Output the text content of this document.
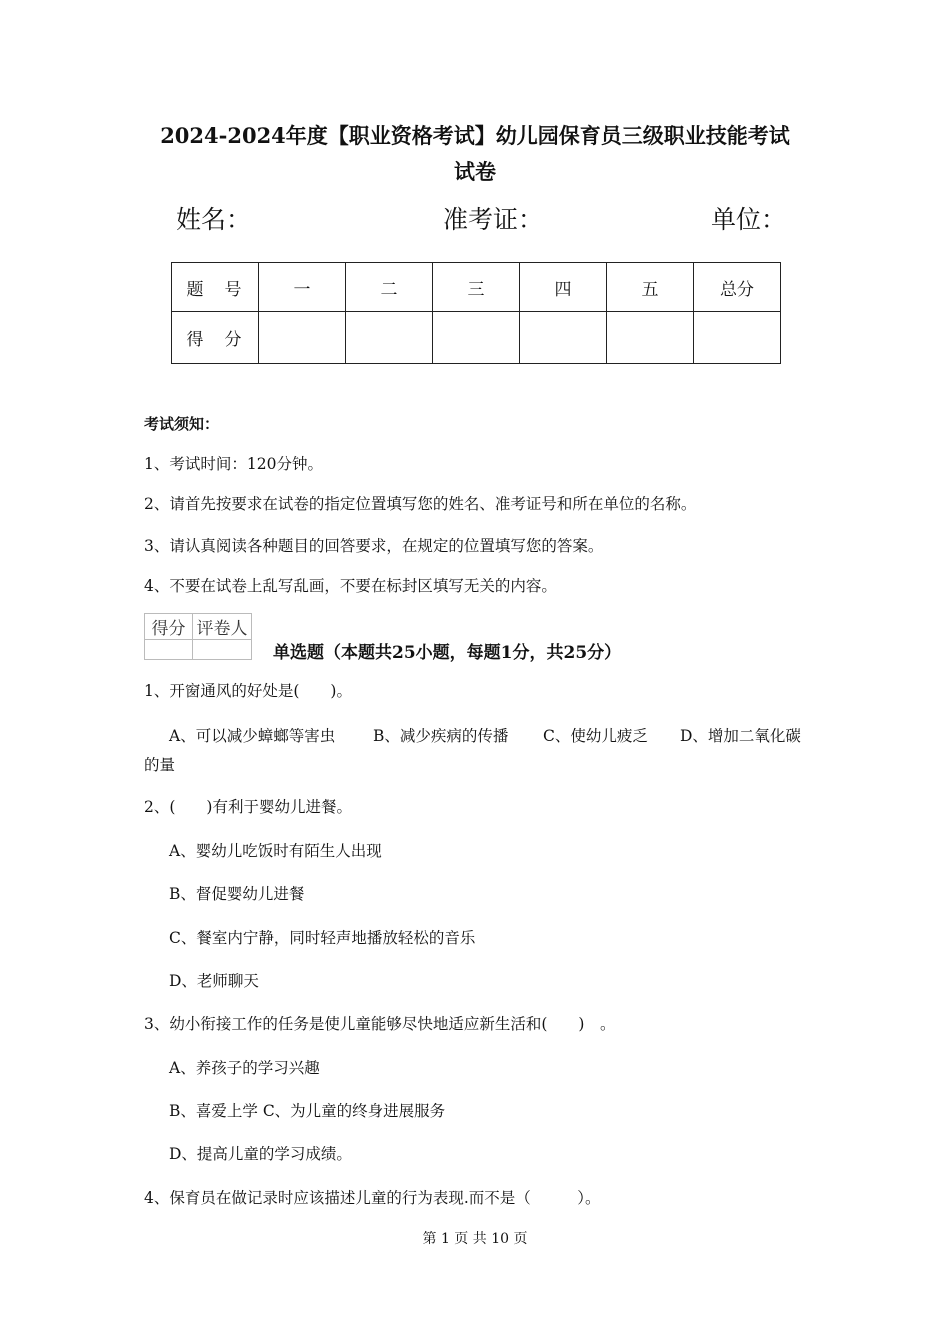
2024-2024年度【职业资格考试】幼儿园保育员三级职业技能考试
试卷
姓名：	准考证：	单位：
题　号	一	二	三	四	五	总分
得　分						
考试须知：
1、考试时间：120分钟。
2、请首先按要求在试卷的指定位置填写您的姓名、准考证号和所在单位的名称。
3、请认真阅读各种题目的回答要求，在规定的位置填写您的答案。
4、不要在试卷上乱写乱画，不要在标封区填写无关的内容。
得分	评卷人

单选题（本题共25小题，每题1分，共25分）
1、开窗通风的好处是(　　)。
A、可以减少蟑螂等害虫 B、减少疾病的传播 C、使幼儿疲乏 D、增加二氧化碳
的量
2、(　　)有利于婴幼儿进餐。
A、婴幼儿吃饭时有陌生人出现
B、督促婴幼儿进餐
C、餐室内宁静，同时轻声地播放轻松的音乐
D、老师聊天
3、幼小衔接工作的任务是使儿童能够尽快地适应新生活和(　　)　。
A、养孩子的学习兴趣
B、喜爱上学 C、为儿童的终身进展服务
D、提高儿童的学习成绩。
4、保育员在做记录时应该描述儿童的行为表现.而不是（　　　）。
第 1 页 共 10 页
